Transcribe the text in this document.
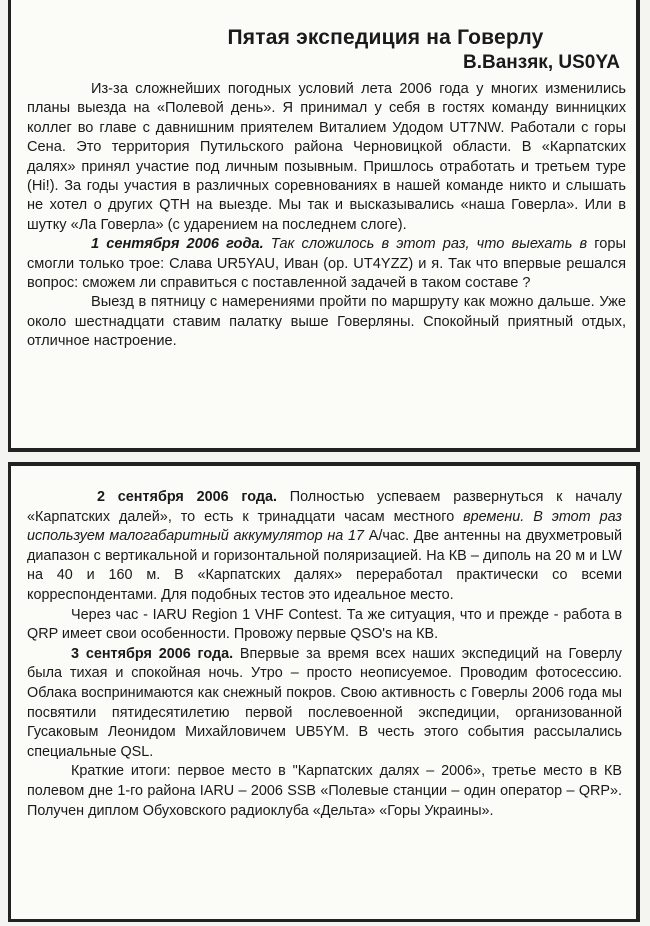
Пятая экспедиция на Говерлу
В.Ванзяк, US0YA

Из-за сложнейших погодных условий лета 2006 года у многих изменились планы выезда на «Полевой день». Я принимал у себя в гостях команду винницких коллег во главе с давнишним приятелем Виталием Удодом UT7NW. Работали с горы Сена. Это территория Путильского района Черновицкой области. В «Карпатских далях» принял участие под личным позывным. Пришлось отработать и третьем туре (Hi!). За годы участия в различных соревнованиях в нашей команде никто и слышать не хотел о других QTH на выезде. Мы так и высказывались «наша Говерла». Или в шутку «Ла Говерла» (с ударением на последнем слоге).

1 сентября 2006 года. Так сложилось в этот раз, что выехать в горы смогли только трое: Слава UR5YAU, Иван (ор. UT4YZZ) и я. Так что впервые решался вопрос: сможем ли справиться с поставленной задачей в таком составе ?

Выезд в пятницу с намерениями пройти по маршруту как можно дальше. Уже около шестнадцати ставим палатку выше Говерляны. Спокойный приятный отдых, отличное настроение.

2 сентября 2006 года. Полностью успеваем развернуться к началу «Карпатских далей», то есть к тринадцати часам местного времени. В этот раз используем малогабаритный аккумулятор на 17 А/час. Две антенны на двухметровый диапазон с вертикальной и горизонтальной поляризацией. На КВ – диполь на 20 м и LW на 40 и 160 м. В «Карпатских далях» переработал практически со всеми корреспондентами. Для подобных тестов это идеальное место.

Через час - IARU Region 1 VHF Contest. Та же ситуация, что и прежде - работа в QRP имеет свои особенности. Провожу первые QSO's на КВ.

3 сентября 2006 года. Впервые за время всех наших экспедиций на Говерлу была тихая и спокойная ночь. Утро – просто неописуемое. Проводим фотосессию. Облака воспринимаются как снежный покров. Свою активность с Говерлы 2006 года мы посвятили пятидесятилетию первой послевоенной экспедиции, организованной Гусаковым Леонидом Михайловичем UB5YM. В честь этого события рассылались специальные QSL.

Краткие итоги: первое место в "Карпатских далях – 2006», третье место в КВ полевом дне 1-го района IARU – 2006 SSB «Полевые станции – один оператор – QRP». Получен диплом Обуховского радиоклуба «Дельта» «Горы Украины».
